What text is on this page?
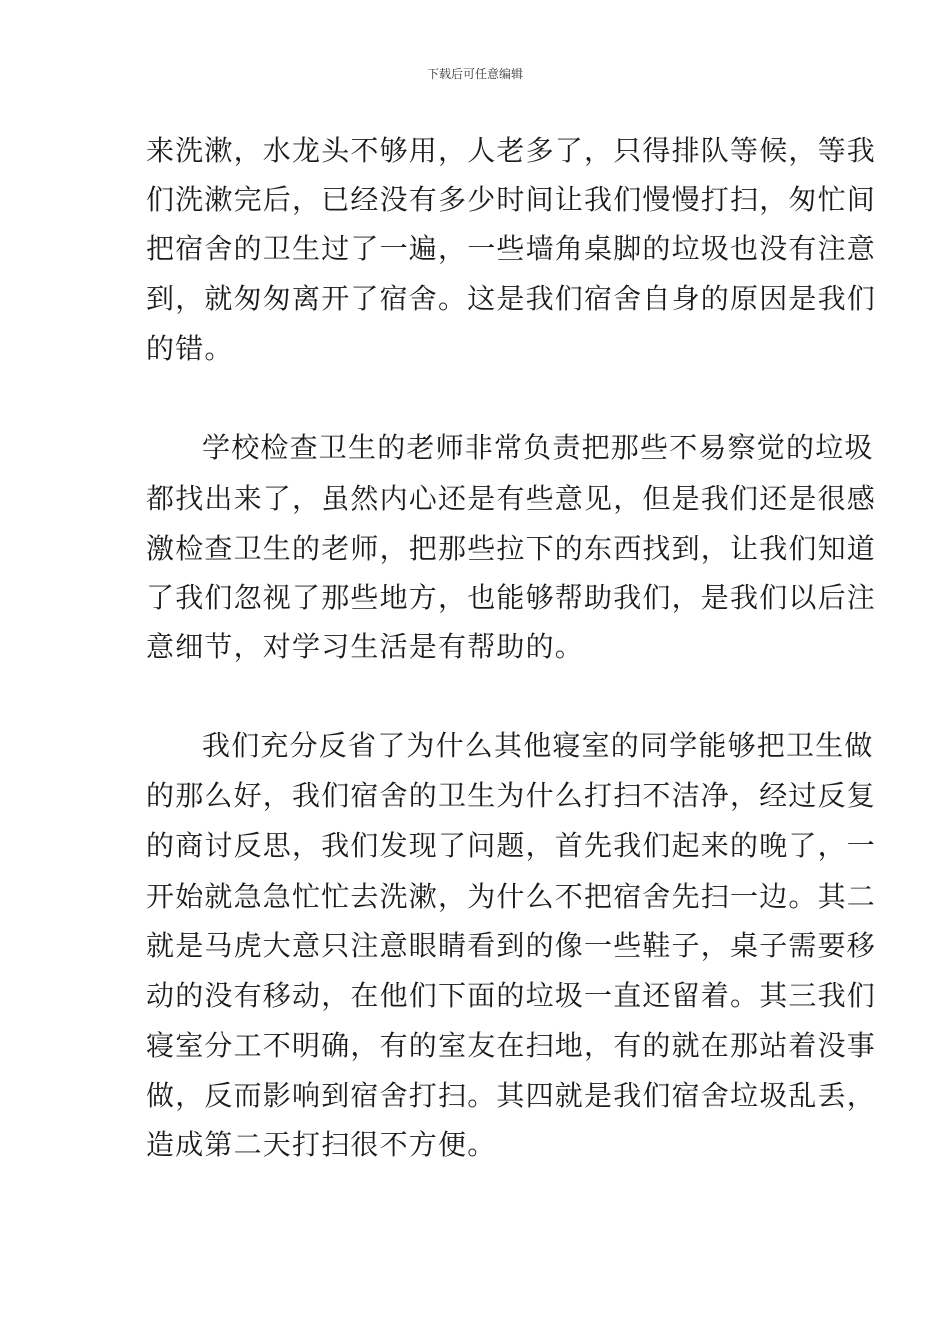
下载后可任意编辑
来洗漱，水龙头不够用，人老多了，只得排队等候，等我
们洗漱完后，已经没有多少时间让我们慢慢打扫，匆忙间
把宿舍的卫生过了一遍，一些墙角桌脚的垃圾也没有注意
到，就匆匆离开了宿舍。这是我们宿舍自身的原因是我们
的错。
学校检查卫生的老师非常负责把那些不易察觉的垃圾
都找出来了，虽然内心还是有些意见，但是我们还是很感
激检查卫生的老师，把那些拉下的东西找到，让我们知道
了我们忽视了那些地方，也能够帮助我们，是我们以后注
意细节，对学习生活是有帮助的。
我们充分反省了为什么其他寝室的同学能够把卫生做
的那么好，我们宿舍的卫生为什么打扫不洁净，经过反复
的商讨反思，我们发现了问题，首先我们起来的晚了，一
开始就急急忙忙去洗漱，为什么不把宿舍先扫一边。其二
就是马虎大意只注意眼睛看到的像一些鞋子，桌子需要移
动的没有移动，在他们下面的垃圾一直还留着。其三我们
寝室分工不明确，有的室友在扫地，有的就在那站着没事
做，反而影响到宿舍打扫。其四就是我们宿舍垃圾乱丢，
造成第二天打扫很不方便。
